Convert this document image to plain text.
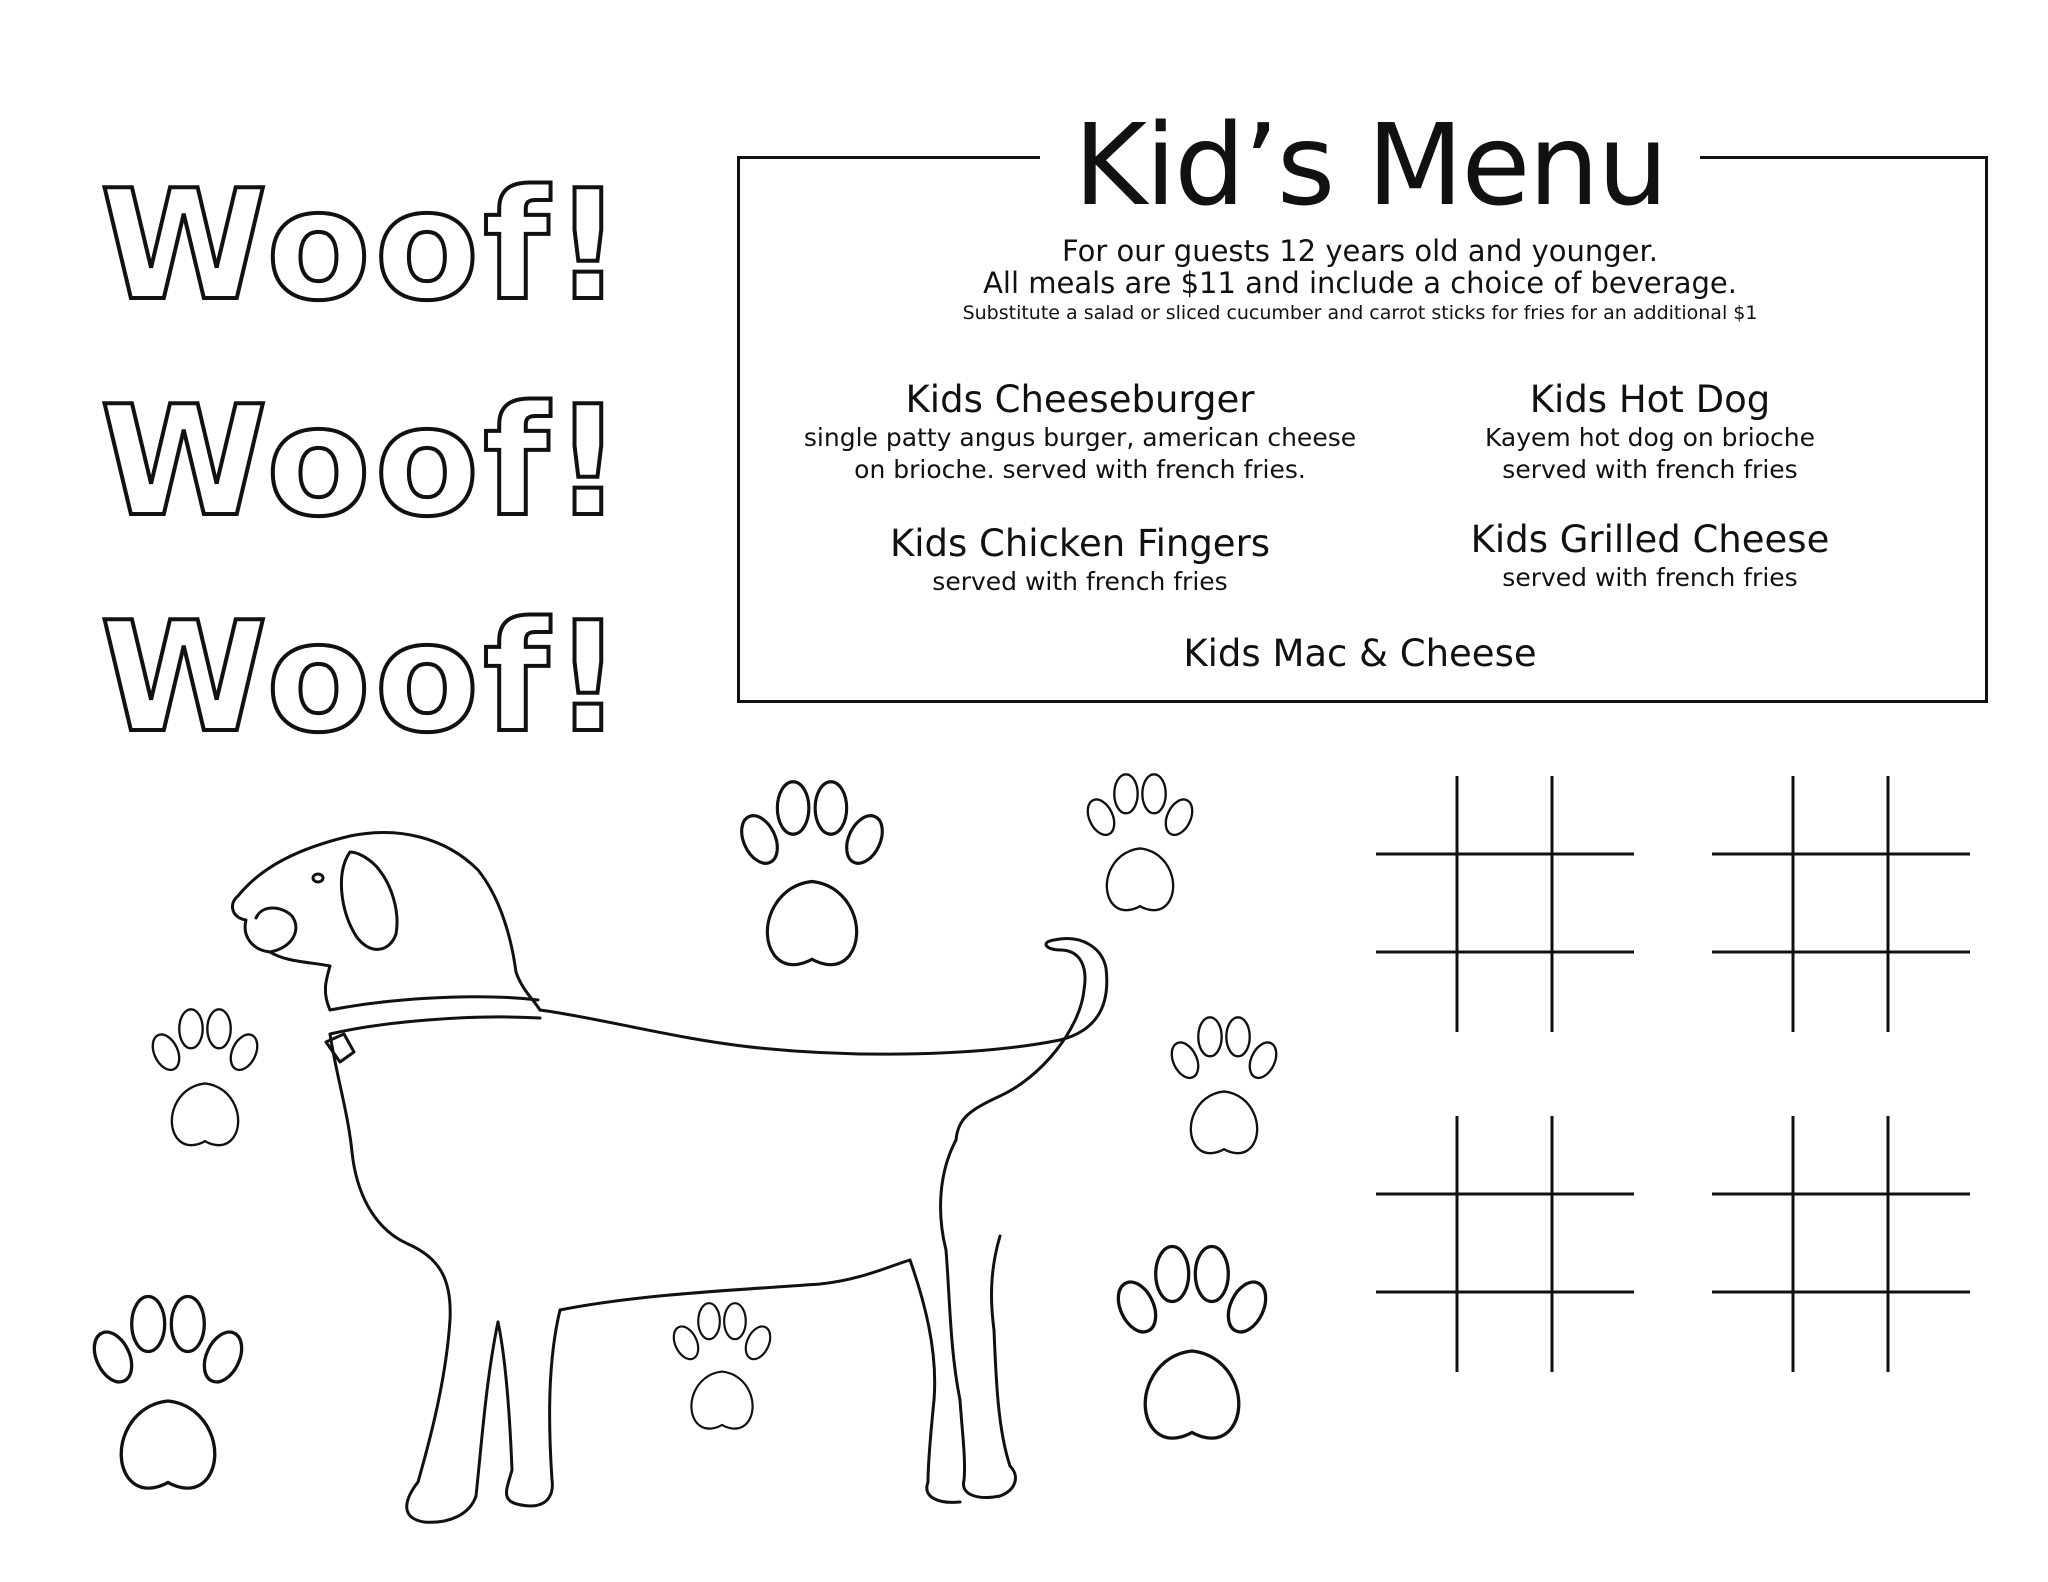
Woof!
Woof!
Woof!
Kid’s Menu
For our guests 12 years old and younger.
All meals are $11 and include a choice of beverage.
Substitute a salad or sliced cucumber and carrot sticks for fries for an additional $1
Kids Cheeseburger
single patty angus burger, american cheese
on brioche. served with french fries.
Kids Hot Dog
Kayem hot dog on brioche
served with french fries
Kids Chicken Fingers
served with french fries
Kids Grilled Cheese
served with french fries
Kids Mac & Cheese
